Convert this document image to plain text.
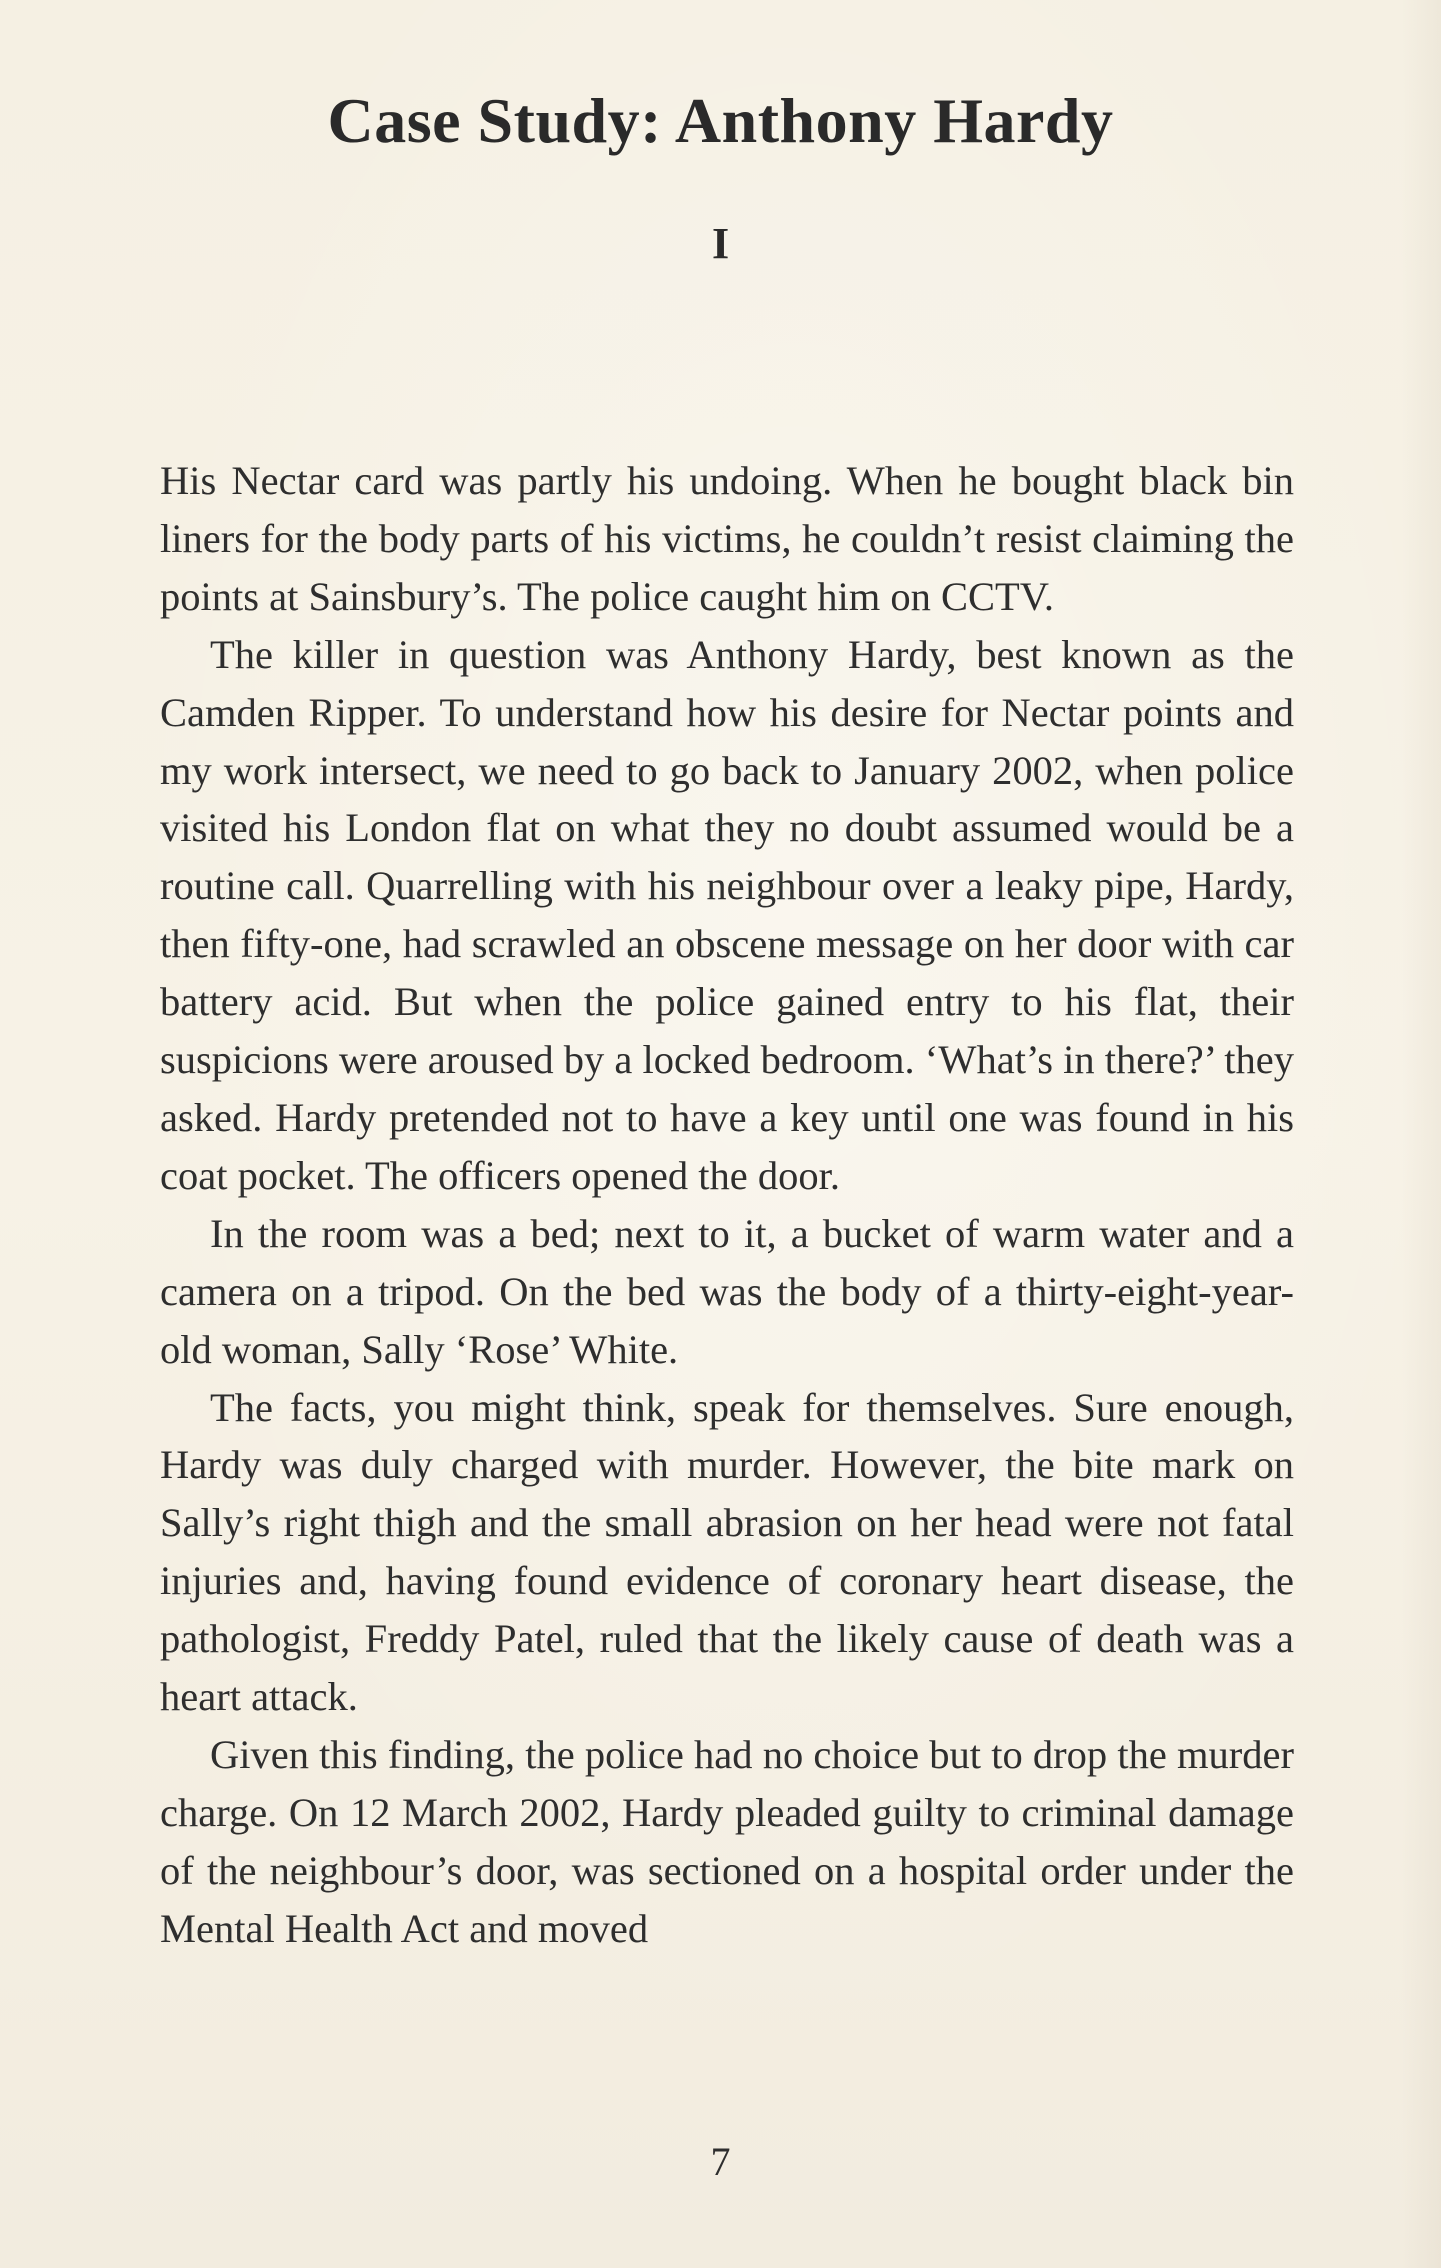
Case Study: Anthony Hardy
I

His Nectar card was partly his undoing. When he bought black bin liners for the body parts of his victims, he couldn’t resist claiming the points at Sainsbury’s. The police caught him on CCTV.

The killer in question was Anthony Hardy, best known as the Camden Ripper. To understand how his desire for Nectar points and my work intersect, we need to go back to January 2002, when police visited his London flat on what they no doubt assumed would be a routine call. Quarrelling with his neighbour over a leaky pipe, Hardy, then fifty-one, had scrawled an obscene message on her door with car battery acid. But when the police gained entry to his flat, their suspicions were aroused by a locked bedroom. ‘What’s in there?’ they asked. Hardy pretended not to have a key until one was found in his coat pocket. The officers opened the door.

In the room was a bed; next to it, a bucket of warm water and a camera on a tripod. On the bed was the body of a thirty-eight-year-old woman, Sally ‘Rose’ White.

The facts, you might think, speak for themselves. Sure enough, Hardy was duly charged with murder. However, the bite mark on Sally’s right thigh and the small abrasion on her head were not fatal injuries and, having found evidence of coronary heart disease, the pathologist, Freddy Patel, ruled that the likely cause of death was a heart attack.

Given this finding, the police had no choice but to drop the murder charge. On 12 March 2002, Hardy pleaded guilty to criminal damage of the neighbour’s door, was sectioned on a hospital order under the Mental Health Act and moved

7
